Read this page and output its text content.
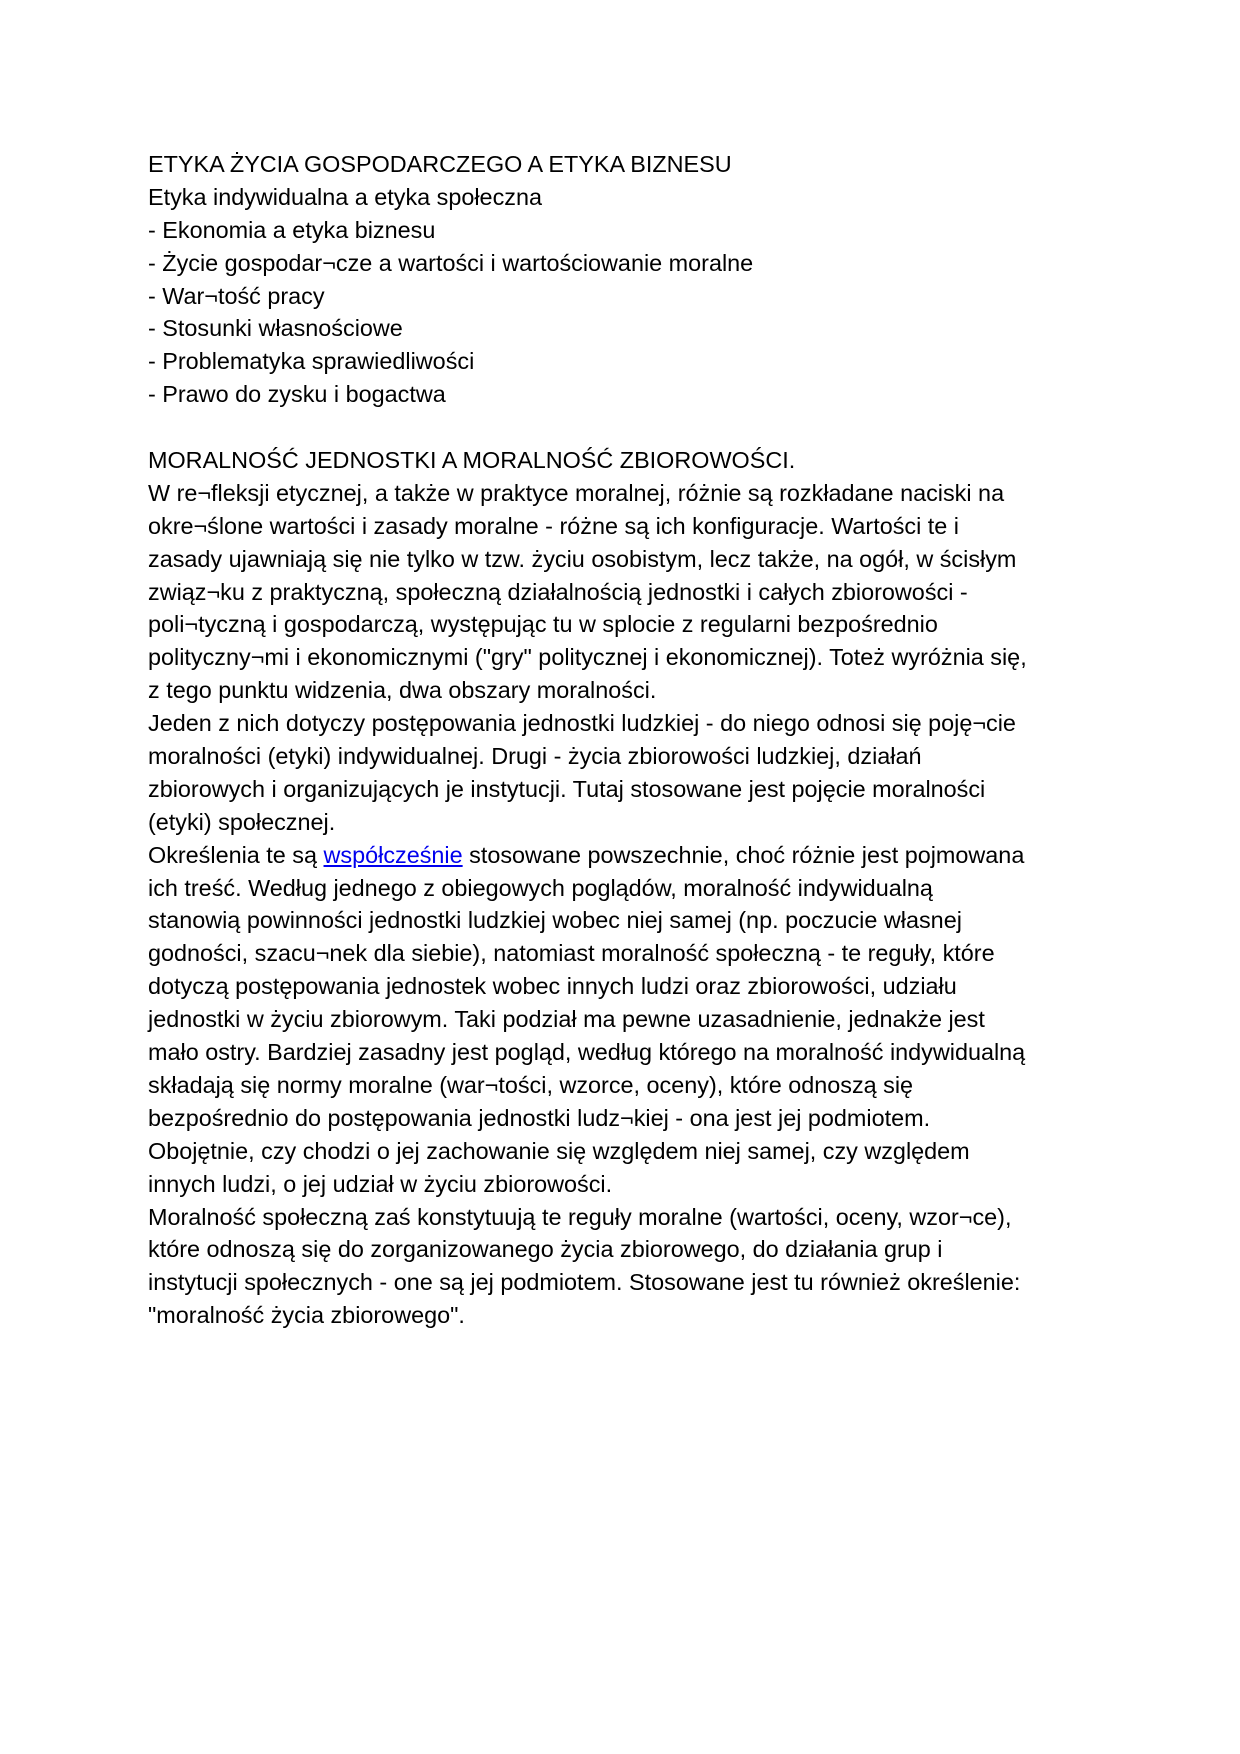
ETYKA ŻYCIA GOSPODARCZEGO A ETYKA BIZNESU
Etyka indywidualna a etyka społeczna
- Ekonomia a etyka biznesu
- Życie gospodar¬cze a wartości i wartościowanie moralne
- War¬tość pracy
- Stosunki własnościowe
- Problematyka sprawiedliwości
- Prawo do zysku i bogactwa
MORALNOŚĆ JEDNOSTKI A MORALNOŚĆ ZBIOROWOŚCI.
W re¬fleksji etycznej, a także w praktyce moralnej, różnie są rozkładane naciski na
okre¬ślone wartości i zasady moralne - różne są ich konfiguracje. Wartości te i
zasady ujawniają się nie tylko w tzw. życiu osobistym, lecz także, na ogół, w ścisłym
związ¬ku z praktyczną, społeczną działalnością jednostki i całych zbiorowości -
poli¬tyczną i gospodarczą, występując tu w splocie z regularni bezpośrednio
polityczny¬mi i ekonomicznymi ("gry" politycznej i ekonomicznej). Toteż wyróżnia się,
z tego punktu widzenia, dwa obszary moralności.
Jeden z nich dotyczy postępowania jednostki ludzkiej - do niego odnosi się poję¬cie
moralności (etyki) indywidualnej. Drugi - życia zbiorowości ludzkiej, działań
zbiorowych i organizujących je instytucji. Tutaj stosowane jest pojęcie moralności
(etyki) społecznej.
Określenia te są współcześnie stosowane powszechnie, choć różnie jest pojmowana
ich treść. Według jednego z obiegowych poglądów, moralność indywidualną
stanowią powinności jednostki ludzkiej wobec niej samej (np. poczucie własnej
godności, szacu¬nek dla siebie), natomiast moralność społeczną - te reguły, które
dotyczą postępowania jednostek wobec innych ludzi oraz zbiorowości, udziału
jednostki w życiu zbiorowym. Taki podział ma pewne uzasadnienie, jednakże jest
mało ostry. Bardziej zasadny jest pogląd, według którego na moralność indywidualną
składają się normy moralne (war¬tości, wzorce, oceny), które odnoszą się
bezpośrednio do postępowania jednostki ludz¬kiej - ona jest jej podmiotem.
Obojętnie, czy chodzi o jej zachowanie się względem niej samej, czy względem
innych ludzi, o jej udział w życiu zbiorowości.
Moralność społeczną zaś konstytuują te reguły moralne (wartości, oceny, wzor¬ce),
które odnoszą się do zorganizowanego życia zbiorowego, do działania grup i
instytucji społecznych - one są jej podmiotem. Stosowane jest tu również określenie:
"moralność życia zbiorowego".
